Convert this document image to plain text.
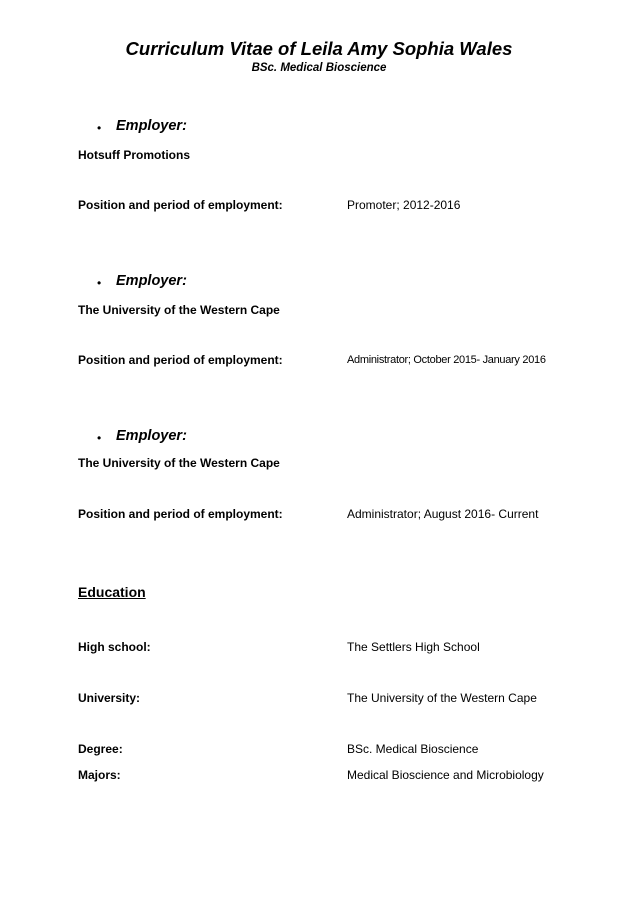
Curriculum Vitae of Leila Amy Sophia Wales
BSc. Medical Bioscience
• Employer:
Hotsuff Promotions
Position and period of employment:	Promoter; 2012-2016
• Employer:
The University of the Western Cape
Position and period of employment:	Administrator; October 2015- January 2016
• Employer:
The University of the Western Cape
Position and period of employment:	Administrator; August 2016- Current
Education
High school:	The Settlers High School
University:	The University of the Western Cape
Degree:	BSc. Medical Bioscience
Majors:	Medical Bioscience and Microbiology
